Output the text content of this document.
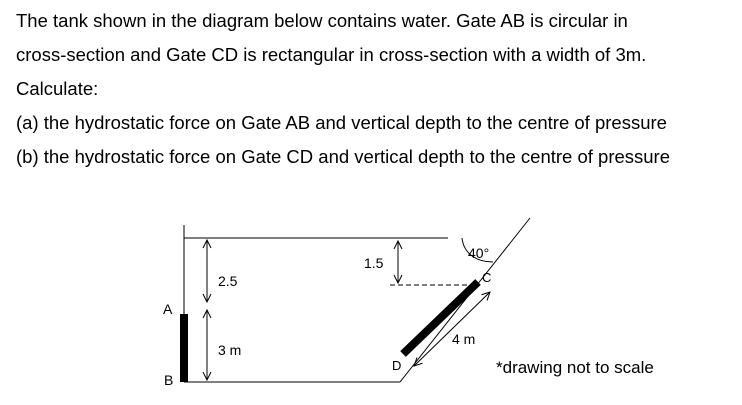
The tank shown in the diagram below contains water. Gate AB is circular in
cross-section and Gate CD is rectangular in cross-section with a width of 3m.
Calculate:
(a) the hydrostatic force on Gate AB and vertical depth to the centre of pressure
(b) the hydrostatic force on Gate CD and vertical depth to the centre of pressure
A
B
C
D
2.5
3 m
1.5
40°
4 m
*drawing not to scale
